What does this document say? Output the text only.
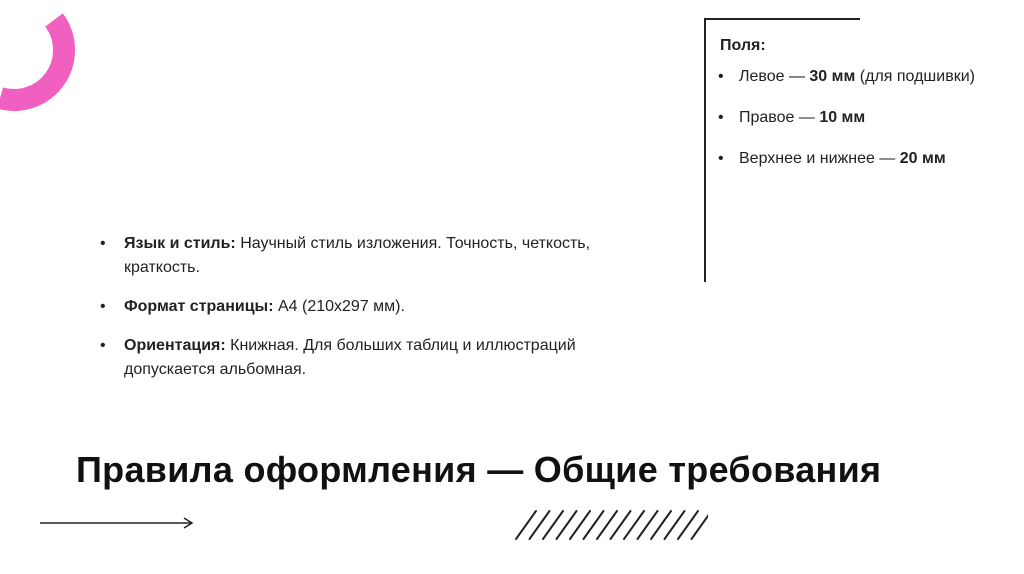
Поля:
• Левое — 30 мм (для подшивки)
• Правое — 10 мм
• Верхнее и нижнее — 20 мм
• Язык и стиль: Научный стиль изложения. Точность, четкость, краткость.
• Формат страницы: А4 (210х297 мм).
• Ориентация: Книжная. Для больших таблиц и иллюстраций допускается альбомная.
Правила оформления — Общие требования
